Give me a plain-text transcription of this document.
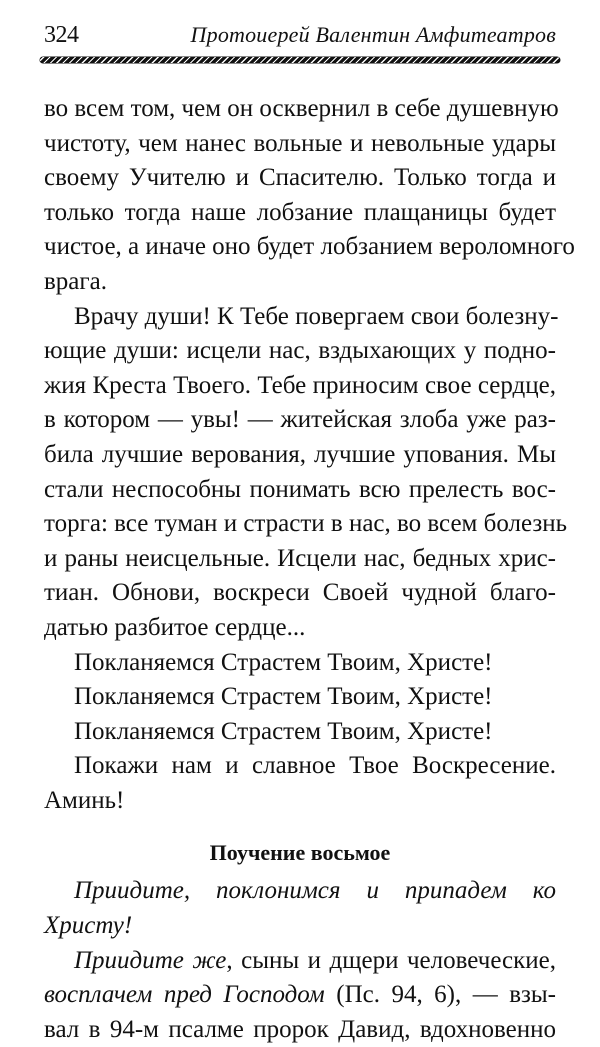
324	Протоиерей Валентин Амфитеатров
во всем том, чем он осквернил в себе душевную
чистоту, чем нанес вольные и невольные удары
своему Учителю и Спасителю. Только тогда и
только тогда наше лобзание плащаницы будет
чистое, а иначе оно будет лобзанием вероломного
врага.
Врачу души! К Тебе повергаем свои болезну-
ющие души: исцели нас, вздыхающих у подно-
жия Креста Твоего. Тебе приносим свое сердце,
в котором — увы! — житейская злоба уже раз-
била лучшие верования, лучшие упования. Мы
стали неспособны понимать всю прелесть вос-
торга: все туман и страсти в нас, во всем болезнь
и раны неисцельные. Исцели нас, бедных хрис-
тиан. Обнови, воскреси Своей чудной благо-
датью разбитое сердце...
Покланяемся Страстем Твоим, Христе!
Покланяемся Страстем Твоим, Христе!
Покланяемся Страстем Твоим, Христе!
Покажи нам и славное Твое Воскресение.
Аминь!
Поучение восьмое
Приидите, поклонимся и припадем ко
Христу!
Приидите же, сыны и дщери человеческие,
восплачем пред Господом (Пс. 94, 6), — взы-
вал в 94-м псалме пророк Давид, вдохновенно
